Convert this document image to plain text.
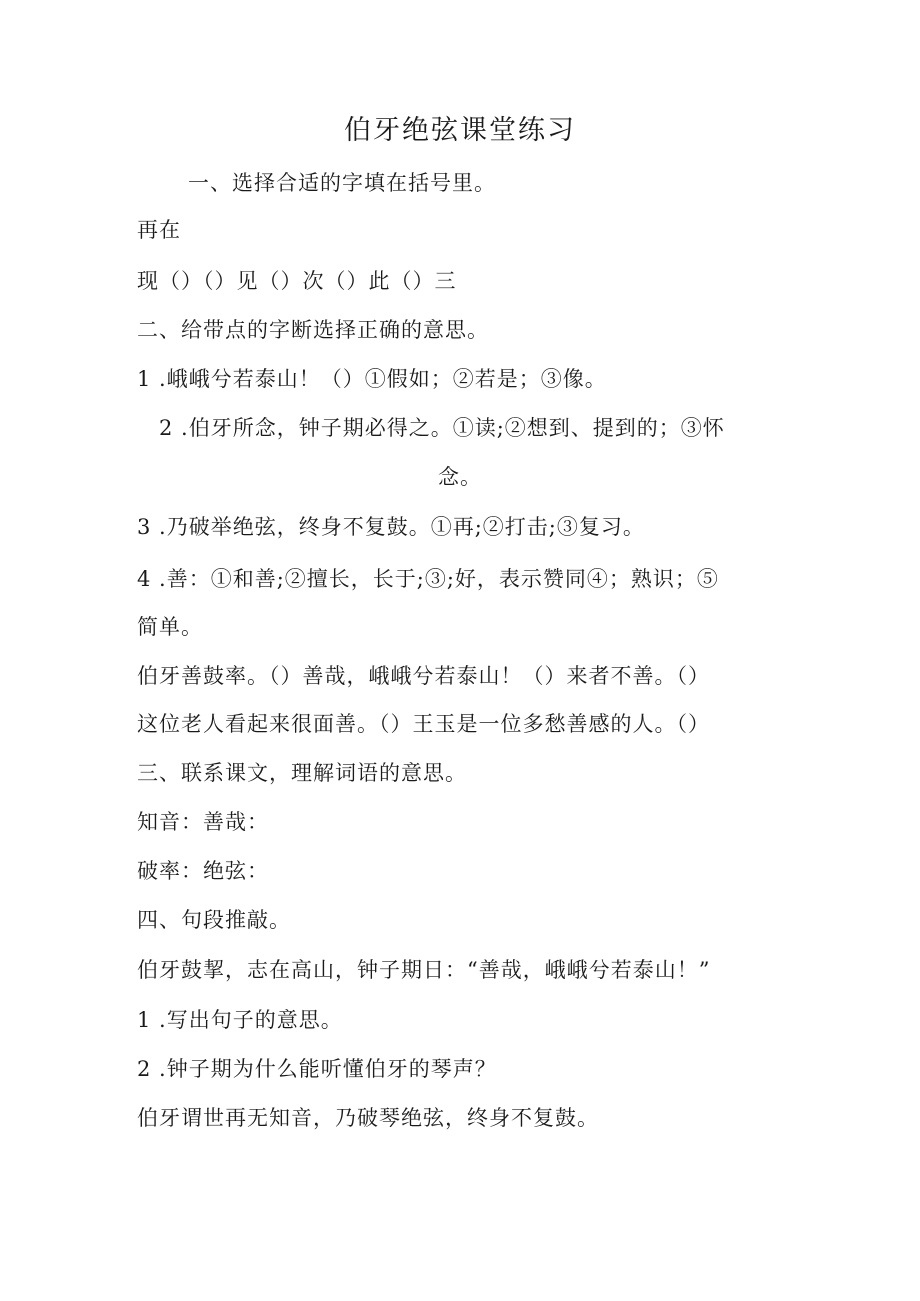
伯牙绝弦课堂练习
一、选择合适的字填在括号里。
再在
现（）（）见（）次（）此（）三
二、给带点的字断选择正确的意思。
1 .峨峨兮若泰山！（）①假如；②若是；③像。
2 .伯牙所念，钟子期必得之。①读;②想到、提到的；③怀
念。
3 .乃破举绝弦，终身不复鼓。①再;②打击;③复习。
4 .善：①和善;②擅长，长于;③;好，表示赞同④；熟识；⑤
简单。
伯牙善鼓率。（）善哉，峨峨兮若泰山！（）来者不善。（）
这位老人看起来很面善。（）王玉是一位多愁善感的人。（）
三、联系课文，理解词语的意思。
知音：善哉：
破率：绝弦：
四、句段推敲。
伯牙鼓挈，志在高山，钟子期日：“善哉，峨峨兮若泰山！”
1 .写出句子的意思。
2 .钟子期为什么能听懂伯牙的琴声？
伯牙谓世再无知音，乃破琴绝弦，终身不复鼓。
